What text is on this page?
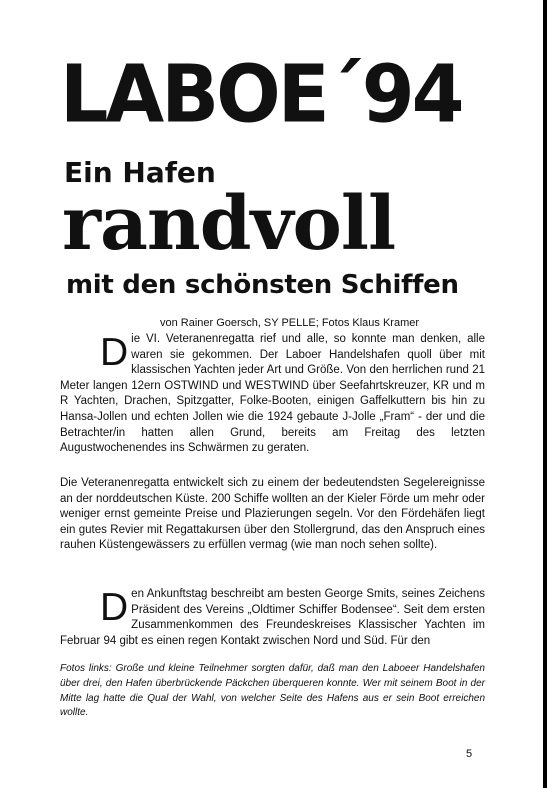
LABOE´94
Ein Hafen
randvoll
mit den schönsten Schiffen
von Rainer Goersch, SY PELLE; Fotos Klaus Kramer
D ie VI. Veteranenregatta rief und alle, so konnte man denken, alle waren sie gekommen. Der Laboer Handelshafen quoll über mit klassischen Yachten jeder Art und Größe. Von den herrlichen rund 21 Meter langen 12ern OSTWIND und WESTWIND über Seefahrtskreuzer, KR und m R Yachten, Drachen, Spitzgatter, Folke-Booten, einigen Gaffelkuttern bis hin zu Hansa-Jollen und echten Jollen wie die 1924 gebaute J-Jolle „Fram“ - der und die Betrachter/in hatten allen Grund, bereits am Freitag des letzten Augustwochenendes ins Schwärmen zu geraten.
Die Veteranenregatta entwickelt sich zu einem der bedeutendsten Segelereignisse an der norddeutschen Küste. 200 Schiffe wollten an der Kieler Förde um mehr oder weniger ernst gemeinte Preise und Plazierungen segeln. Vor den Fördehäfen liegt ein gutes Revier mit Regattakursen über den Stollergrund, das den Anspruch eines rauhen Küstengewässers zu erfüllen vermag (wie man noch sehen sollte).
D en Ankunftstag beschreibt am besten George Smits, seines Zeichens Präsident des Vereins „Oldtimer Schiffer Bodensee“. Seit dem ersten Zusammenkommen des Freundeskreises Klassischer Yachten im Februar 94 gibt es einen regen Kontakt zwischen Nord und Süd. Für den
Fotos links: Große und kleine Teilnehmer sorgten dafür, daß man den Laboeer Handelshafen über drei, den Hafen überbrückende Päckchen überqueren konnte. Wer mit seinem Boot in der Mitte lag hatte die Qual der Wahl, von welcher Seite des Hafens aus er sein Boot erreichen wollte.
5
